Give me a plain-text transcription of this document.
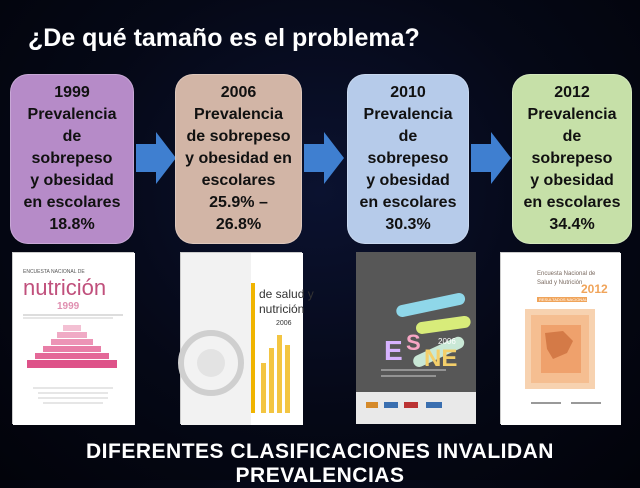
¿De qué tamaño es el problema?
1999
Prevalencia
de
sobrepeso
y obesidad
en escolares
18.8%
2006
Prevalencia
de sobrepeso
y obesidad en
escolares
25.9% –
26.8%
2010
Prevalencia
de
sobrepeso
y obesidad
en escolares
30.3%
2012
Prevalencia
de
sobrepeso
y obesidad
en escolares
34.4%
ENCUESTA NACIONAL DE
nutrición
1999
de salud y
nutrición
2006
E S
NE
2006
Encuesta Nacional de
Salud y Nutrición
2012
RESULTADOS NACIONALES
DIFERENTES CLASIFICACIONES INVALIDAN PREVALENCIAS
